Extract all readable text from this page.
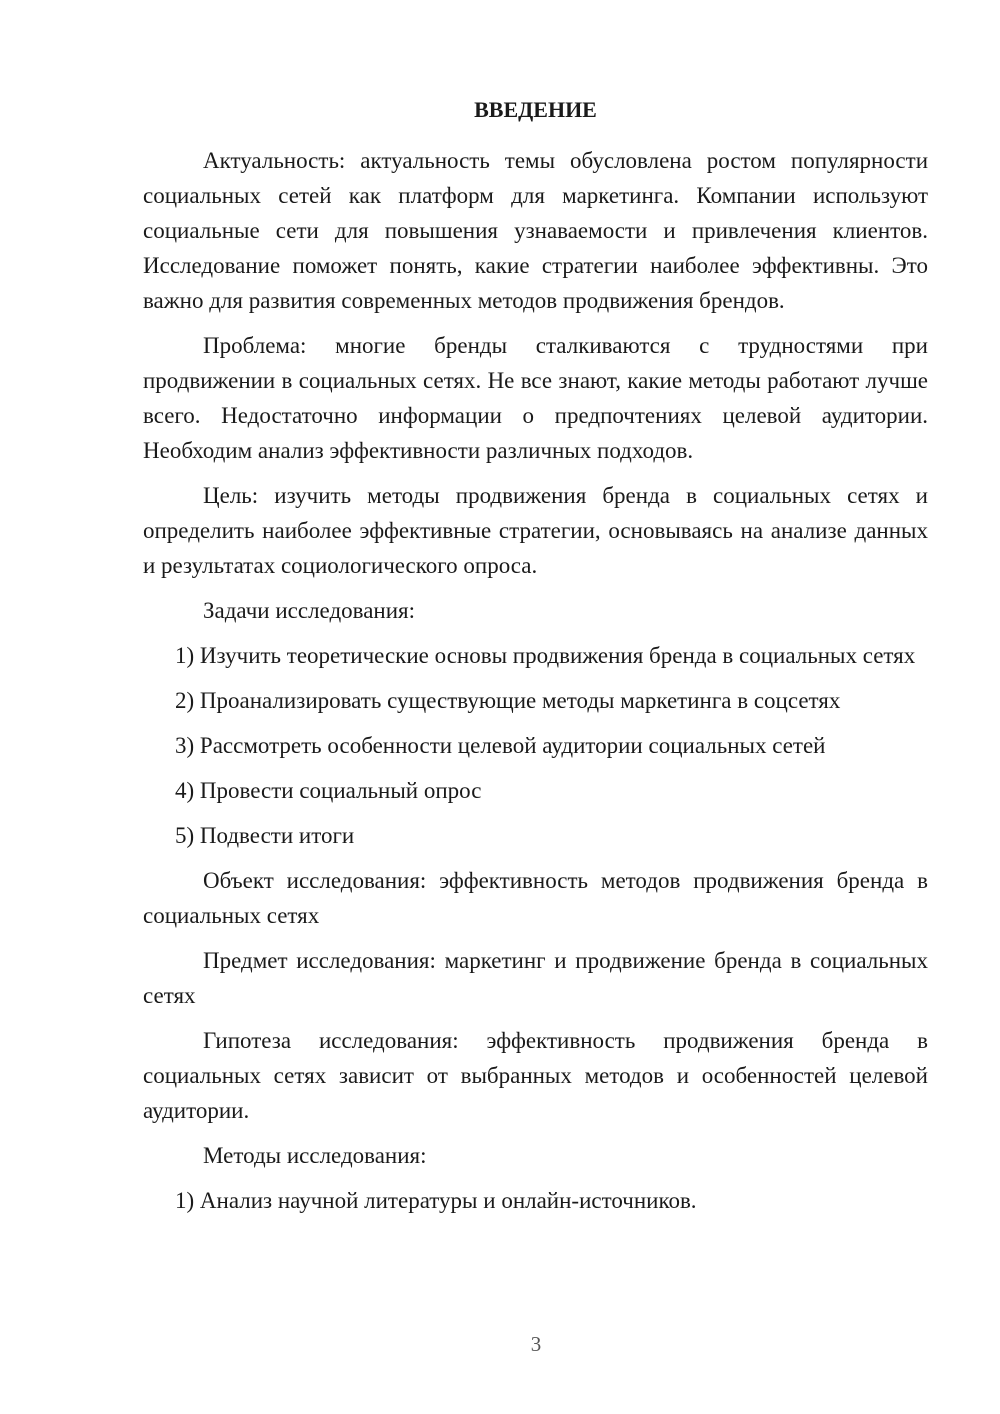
ВВЕДЕНИЕ

Актуальность: актуальность темы обусловлена ростом популярности социальных сетей как платформ для маркетинга. Компании используют социальные сети для повышения узнаваемости и привлечения клиентов. Исследование поможет понять, какие стратегии наиболее эффективны. Это важно для развития современных методов продвижения брендов.

Проблема: многие бренды сталкиваются с трудностями при продвижении в социальных сетях. Не все знают, какие методы работают лучше всего. Недостаточно информации о предпочтениях целевой аудитории. Необходим анализ эффективности различных подходов.

Цель: изучить методы продвижения бренда в социальных сетях и определить наиболее эффективные стратегии, основываясь на анализе данных и результатах социологического опроса.

Задачи исследования:

1) Изучить теоретические основы продвижения бренда в социальных сетях

2) Проанализировать существующие методы маркетинга в соцсетях

3) Рассмотреть особенности целевой аудитории социальных сетей

4) Провести социальный опрос

5) Подвести итоги

Объект исследования: эффективность методов продвижения бренда в социальных сетях

Предмет исследования: маркетинг и продвижение бренда в социальных сетях

Гипотеза исследования: эффективность продвижения бренда в социальных сетях зависит от выбранных методов и особенностей целевой аудитории.

Методы исследования:

1) Анализ научной литературы и онлайн-источников.

3
